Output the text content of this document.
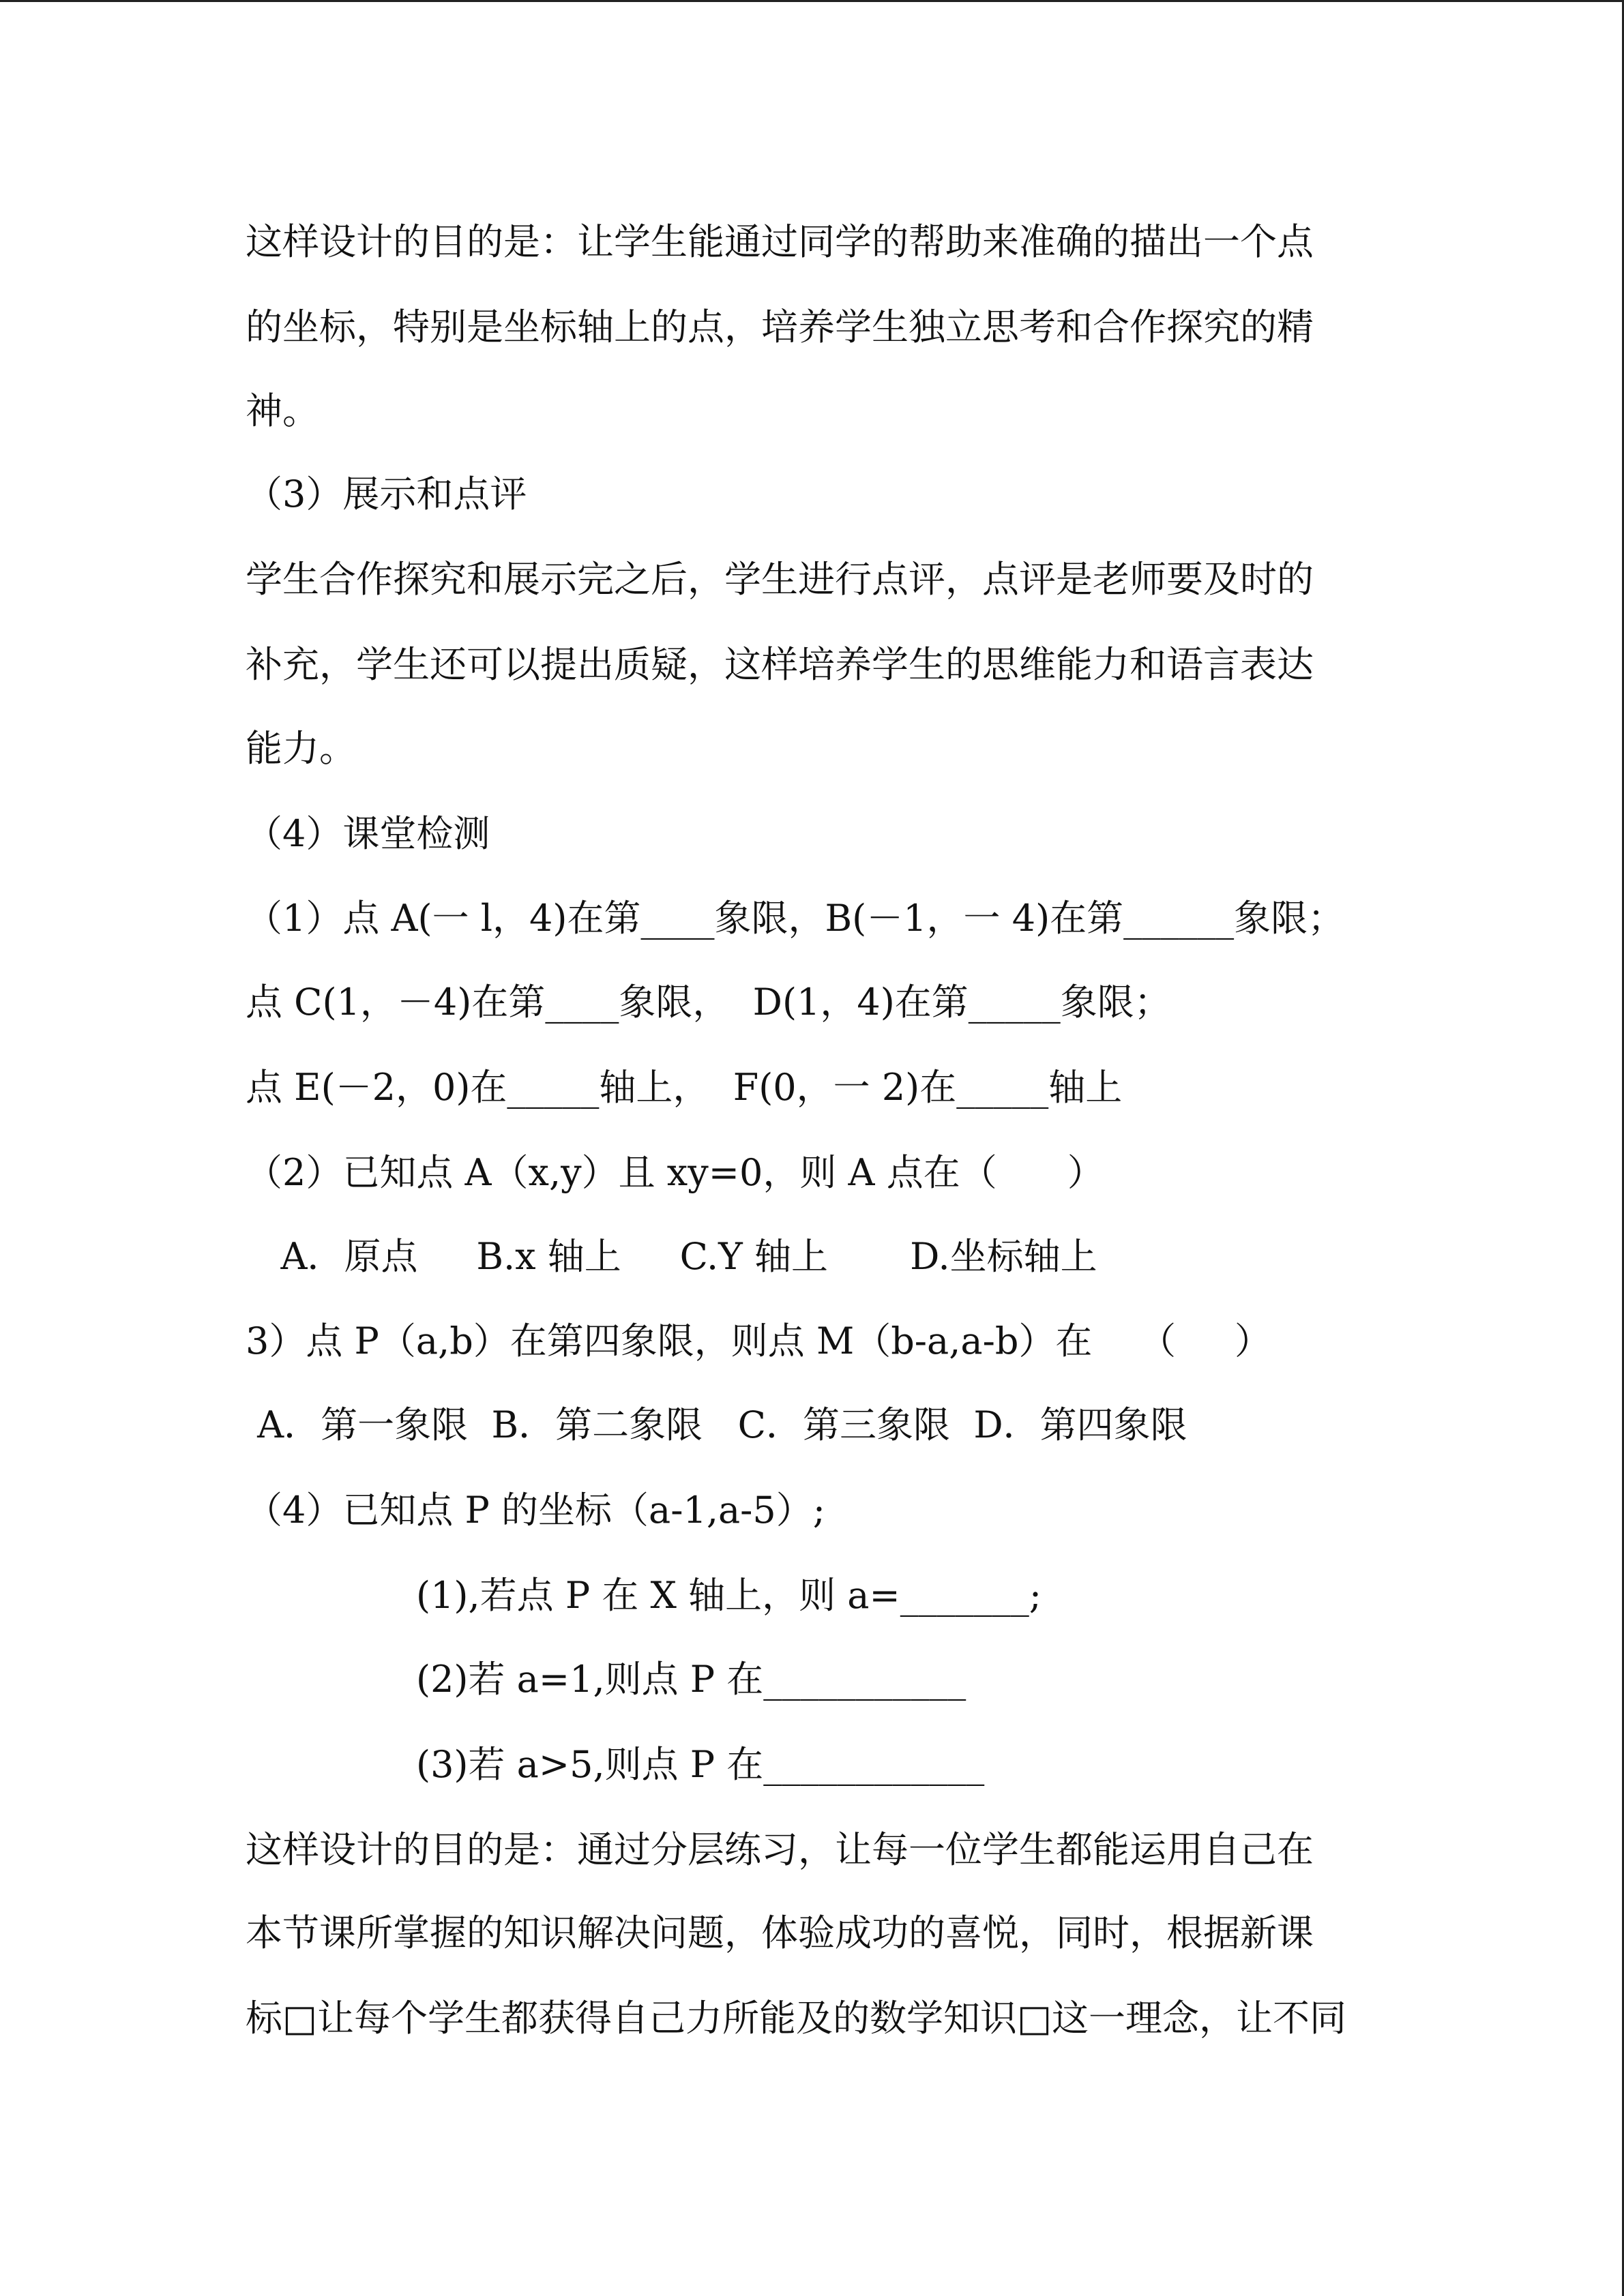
这样设计的目的是：让学生能通过同学的帮助来准确的描出一个点
的坐标，特别是坐标轴上的点，培养学生独立思考和合作探究的精
神。
（3）展示和点评
学生合作探究和展示完之后，学生进行点评，点评是老师要及时的
补充，学生还可以提出质疑，这样培养学生的思维能力和语言表达
能力。
（4）课堂检测
（1）点 A(一 l，4)在第____象限，B(－1，一 4)在第______象限；
点 C(1，－4)在第____象限，  D(1，4)在第_____象限；
点 E(－2，0)在_____轴上，  F(0，一 2)在_____轴上
（2）已知点 A（x,y）且 xy=0，则 A 点在（      ）
A．原点     B.x 轴上     C.Y 轴上       D.坐标轴上
3）点 P（a,b）在第四象限，则点 M（b-a,a-b）在    （     ）
A．第一象限  B．第二象限   C．第三象限  D．第四象限
（4）已知点 P 的坐标（a-1,a-5）;
(1),若点 P 在 X 轴上，则 a=_______;
(2)若 a=1,则点 P 在___________
(3)若 a>5,则点 P 在____________
这样设计的目的是：通过分层练习，让每一位学生都能运用自己在
本节课所掌握的知识解决问题，体验成功的喜悦，同时，根据新课
标□让每个学生都获得自己力所能及的数学知识□这一理念，让不同
